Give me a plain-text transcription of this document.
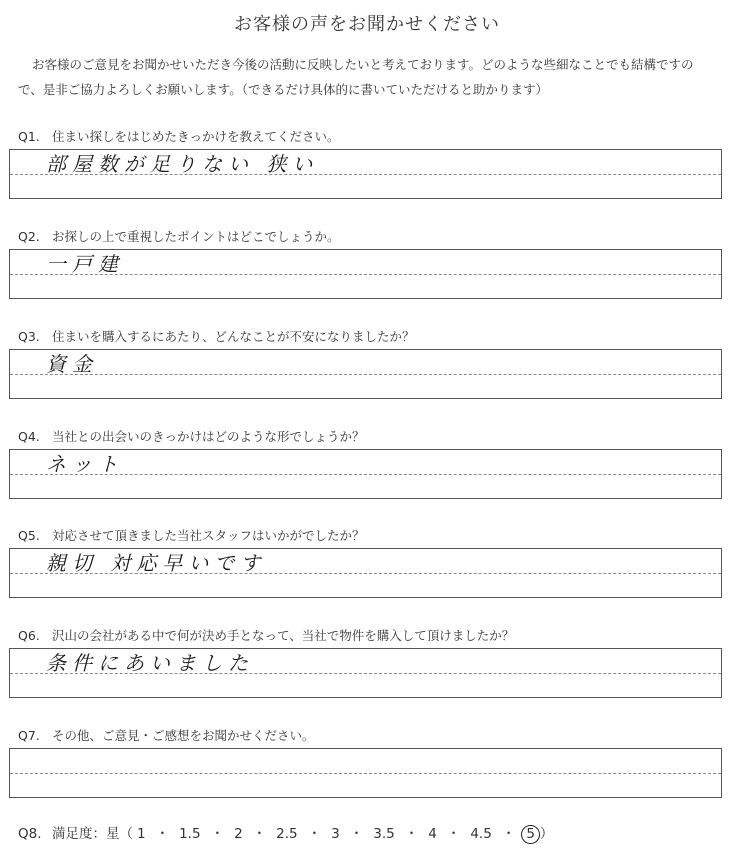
お客様の声をお聞かせください
お客様のご意見をお聞かせいただき今後の活動に反映したいと考えております。どのような些細なことでも結構ですので、是非ご協力よろしくお願いします。（できるだけ具体的に書いていただけると助かります）
Q1. 住まい探しをはじめたきっかけを教えてください。
部屋数が足りない 狭い
Q2. お探しの上で重視したポイントはどこでしょうか。
一戸建
Q3. 住まいを購入するにあたり、どんなことが不安になりましたか？
資金
Q4. 当社との出会いのきっかけはどのような形でしょうか？
ネット
Q5. 対応させて頂きました当社スタッフはいかがでしたか？
親切 対応早いです
Q6. 沢山の会社がある中で何が決め手となって、当社で物件を購入して頂けましたか？
条件にあいました
Q7. その他、ご意見・ご感想をお聞かせください。
Q8. 満足度：星（ 1 ・ 1.5 ・ 2 ・ 2.5 ・ 3 ・ 3.5 ・ 4 ・ 4.5 ・ 5 ）
